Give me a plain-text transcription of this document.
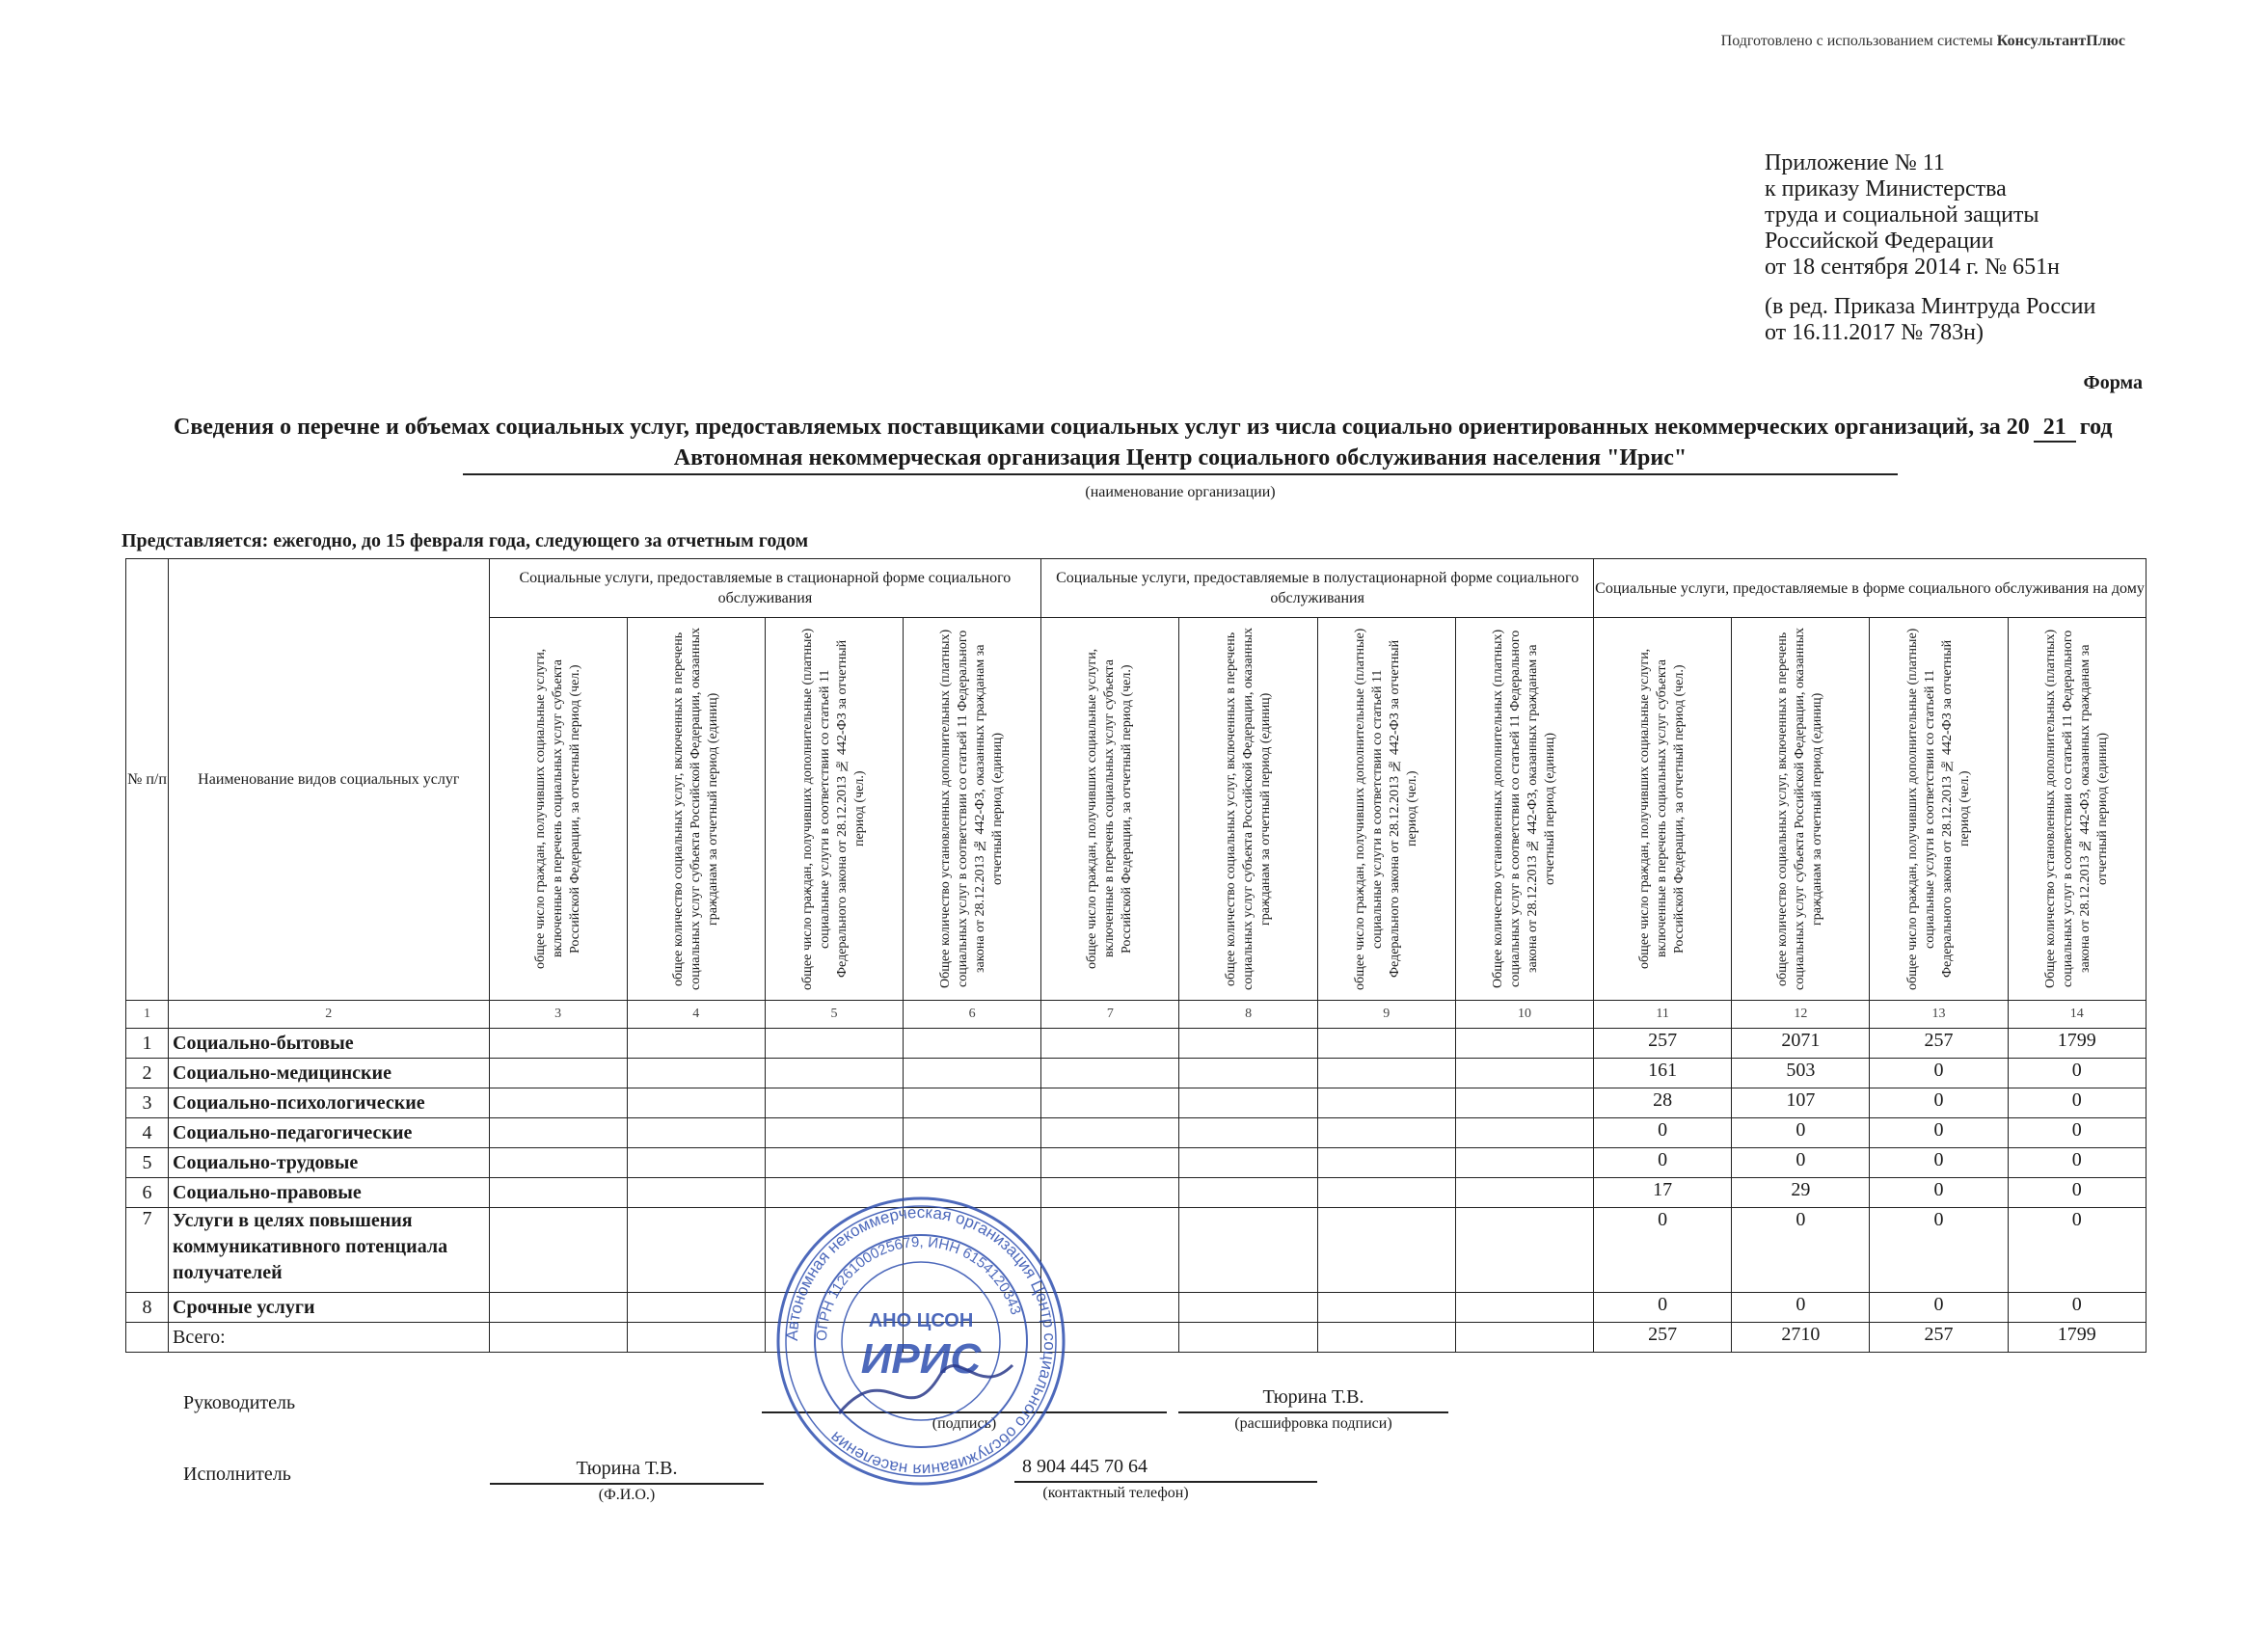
Подготовлено с использованием системы КонсультантПлюс
Приложение № 11
к приказу Министерства
труда и социальной защиты
Российской Федерации
от 18 сентября 2014 г. № 651н
(в ред. Приказа Минтруда России
от 16.11.2017 № 783н)
Форма
Сведения о перечне и объемах социальных услуг, предоставляемых поставщиками социальных услуг из числа социально ориентированных некоммерческих организаций, за 20 21 год
Автономная некоммерческая организация Центр социального обслуживания населения "Ирис"
(наименование организации)
Представляется: ежегодно, до 15 февраля года, следующего за отчетным годом
№ п/п	Наименование видов социальных услуг	Социальные услуги, предоставляемые в стационарной форме социального обслуживания				Социальные услуги, предоставляемые в полустационарной форме социального обслуживания				Социальные услуги, предоставляемые в форме социального обслуживания на дому			

		общее число граждан, получивших социальные услуги, включенные в перечень социальных услуг субъекта Российской Федерации, за отчетный период (чел.)	общее количество социальных услуг, включенных в перечень социальных услуг субъекта Российской Федерации, оказанных гражданам за отчетный период (единиц)	общее число граждан, получивших дополнительные (платные) социальные услуги в соответствии со статьей 11 Федерального закона от 28.12.2013 № 442-ФЗ за отчетный период (чел.)	Общее количество установленных дополнительных (платных) социальных услуг в соответствии со статьей 11 Федерального закона от 28.12.2013 № 442-ФЗ, оказанных гражданам за отчетный период (единиц)	общее число граждан, получивших социальные услуги, включенные в перечень социальных услуг субъекта Российской Федерации, за отчетный период (чел.)	общее количество социальных услуг, включенных в перечень социальных услуг субъекта Российской Федерации, оказанных гражданам за отчетный период (единиц)	общее число граждан, получивших дополнительные (платные) социальные услуги в соответствии со статьей 11 Федерального закона от 28.12.2013 № 442-ФЗ за отчетный период (чел.)	Общее количество установленных дополнительных (платных) социальных услуг в соответствии со статьей 11 Федерального закона от 28.12.2013 № 442-ФЗ, оказанных гражданам за отчетный период (единиц)	общее число граждан, получивших социальные услуги, включенные в перечень социальных услуг субъекта Российской Федерации, за отчетный период (чел.)	общее количество социальных услуг, включенных в перечень социальных услуг субъекта Российской Федерации, оказанных гражданам за отчетный период (единиц)	общее число граждан, получивших дополнительные (платные) социальные услуги в соответствии со статьей 11 Федерального закона от 28.12.2013 № 442-ФЗ за отчетный период (чел.)	Общее количество установленных дополнительных (платных) социальных услуг в соответствии со статьей 11 Федерального закона от 28.12.2013 № 442-ФЗ, оказанных гражданам за отчетный период (единиц)

1	2	3	4	5	6	7	8	9	10	11	12	13	14
1	Социально-бытовые									257	2071	257	1799
2	Социально-медицинские									161	503	0	0
3	Социально-психологические									28	107	0	0
4	Социально-педагогические									0	0	0	0
5	Социально-трудовые									0	0	0	0
6	Социально-правовые									17	29	0	0
7	Услуги в целях повышения коммуникативного потенциала получателей									0	0	0	0
8	Срочные услуги									0	0	0	0
	Всего:									257	2710	257	1799
Руководитель
(подпись)
Тюрина Т.В.
(расшифровка подписи)
Исполнитель	Тюрина Т.В.
(Ф.И.О.)
8 904 445 70 64
(контактный телефон)
Автономная некоммерческая организация Центр социального обслуживания населения
ОГРН 1126100025679, ИНН 6154120343
АНО ЦСОН
ИРИС
